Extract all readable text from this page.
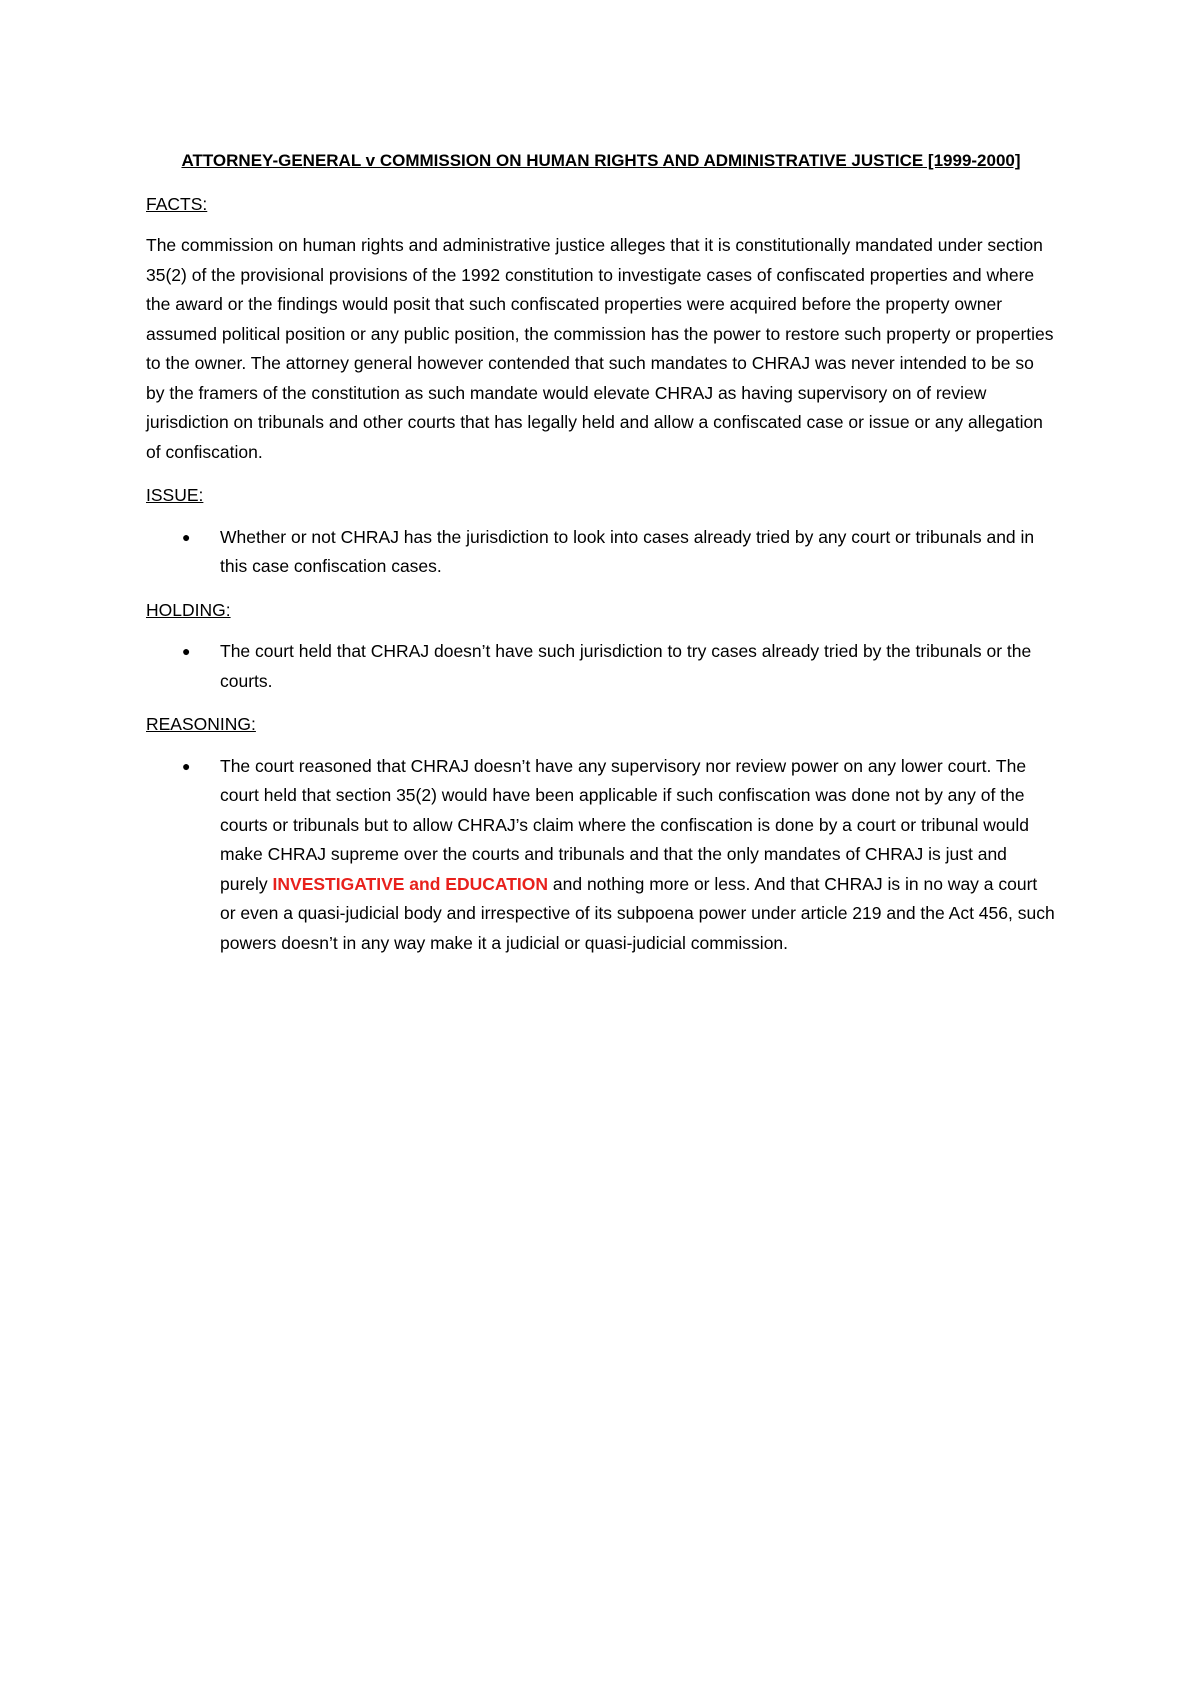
ATTORNEY-GENERAL v COMMISSION ON HUMAN RIGHTS AND ADMINISTRATIVE JUSTICE [1999-2000]

FACTS:

The commission on human rights and administrative justice alleges that it is constitutionally mandated under section 35(2) of the provisional provisions of the 1992 constitution to investigate cases of confiscated properties and where the award or the findings would posit that such confiscated properties were acquired before the property owner assumed political position or any public position, the commission has the power to restore such property or properties to the owner. The attorney general however contended that such mandates to CHRAJ was never intended to be so by the framers of the constitution as such mandate would elevate CHRAJ as having supervisory on of review jurisdiction on tribunals and other courts that has legally held and allow a confiscated case or issue or any allegation of confiscation.

ISSUE:

● Whether or not CHRAJ has the jurisdiction to look into cases already tried by any court or tribunals and in this case confiscation cases.

HOLDING:

● The court held that CHRAJ doesn’t have such jurisdiction to try cases already tried by the tribunals or the courts.

REASONING:

● The court reasoned that CHRAJ doesn’t have any supervisory nor review power on any lower court. The court held that section 35(2) would have been applicable if such confiscation was done not by any of the courts or tribunals but to allow CHRAJ’s claim where the confiscation is done by a court or tribunal would make CHRAJ supreme over the courts and tribunals and that the only mandates of CHRAJ is just and purely INVESTIGATIVE and EDUCATION and nothing more or less. And that CHRAJ is in no way a court or even a quasi-judicial body and irrespective of its subpoena power under article 219 and the Act 456, such powers doesn’t in any way make it a judicial or quasi-judicial commission.
